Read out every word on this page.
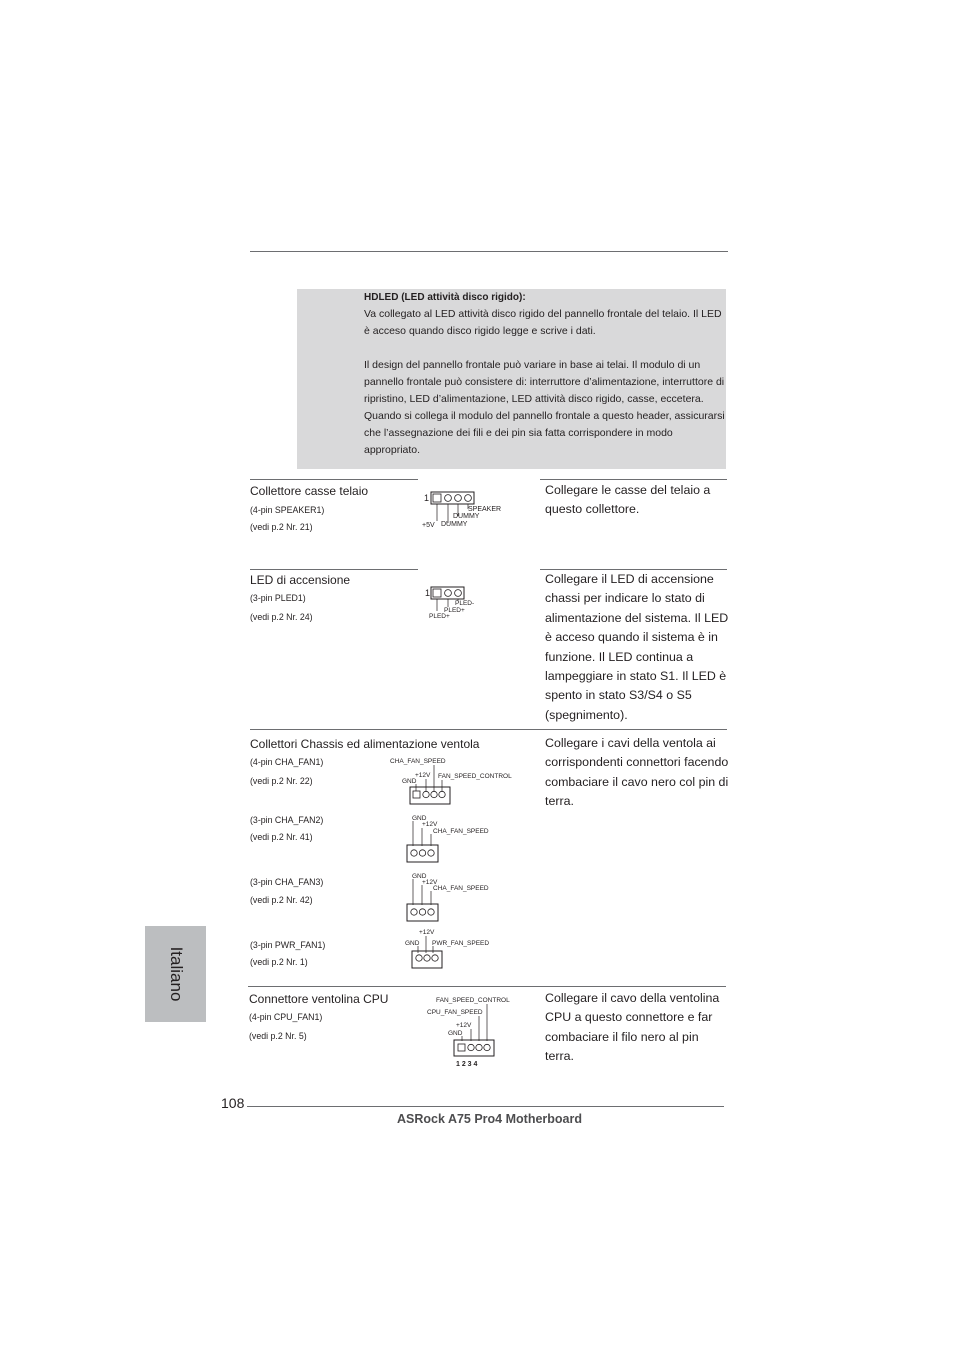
HDLED (LED attività disco rigido):

Va collegato al LED attività disco rigido del pannello frontale del telaio. Il LED è acceso quando disco rigido legge e scrive i dati.

Il design del pannello frontale può variare in base ai telai. Il modulo di un pannello frontale può consistere di: interruttore d’alimentazione, interruttore di ripristino, LED d’alimentazione, LED attività disco rigido, casse, eccetera. Quando si collega il modulo del pannello frontale a questo header, assicurarsi che l’assegnazione dei fili e dei pin sia fatta corrispondere in modo appropriato.

Collettore casse telaio
(4-pin SPEAKER1)
(vedi p.2 Nr. 21)

Collegare le casse del telaio a questo collettore.

1
SPEAKER
DUMMY
+5V DUMMY
LED di accensione
(3-pin PLED1)
(vedi p.2 Nr. 24)

Collegare il LED di accensione chassi per indicare lo stato di alimentazione del sistema. Il LED è acceso quando il sistema è in funzione. Il LED continua a lampeggiare in stato S1. Il LED è spento in stato S3/S4 o S5 (spegnimento).

1
PLED-
PLED+
PLED+
Collettori Chassis ed alimentazione ventola	Collegare i cavi della ventola ai corrispondenti connettori facendo combaciare il cavo nero col pin di terra.

(4-pin CHA_FAN1)
(vedi p.2 Nr. 22)
CHA_FAN_SPEED
+12V FAN_SPEED_CONTROL
GND
(3-pin CHA_FAN2)
(vedi p.2 Nr. 41)
GND
+12V
CHA_FAN_SPEED
(3-pin CHA_FAN3)
(vedi p.2 Nr. 42)
GND
+12V
CHA_FAN_SPEED
(3-pin PWR_FAN1)
(vedi p.2 Nr. 1)
+12V
GND PWR_FAN_SPEED
Connettore ventolina CPU
(4-pin CPU_FAN1)
(vedi p.2 Nr. 5)

Collegare il cavo della ventolina CPU a questo connettore e far combaciare il filo nero al pin terra.

FAN_SPEED_CONTROL
CPU_FAN_SPEED
+12V
GND
1 2 3 4
Italiano
108
ASRock A75 Pro4 Motherboard
